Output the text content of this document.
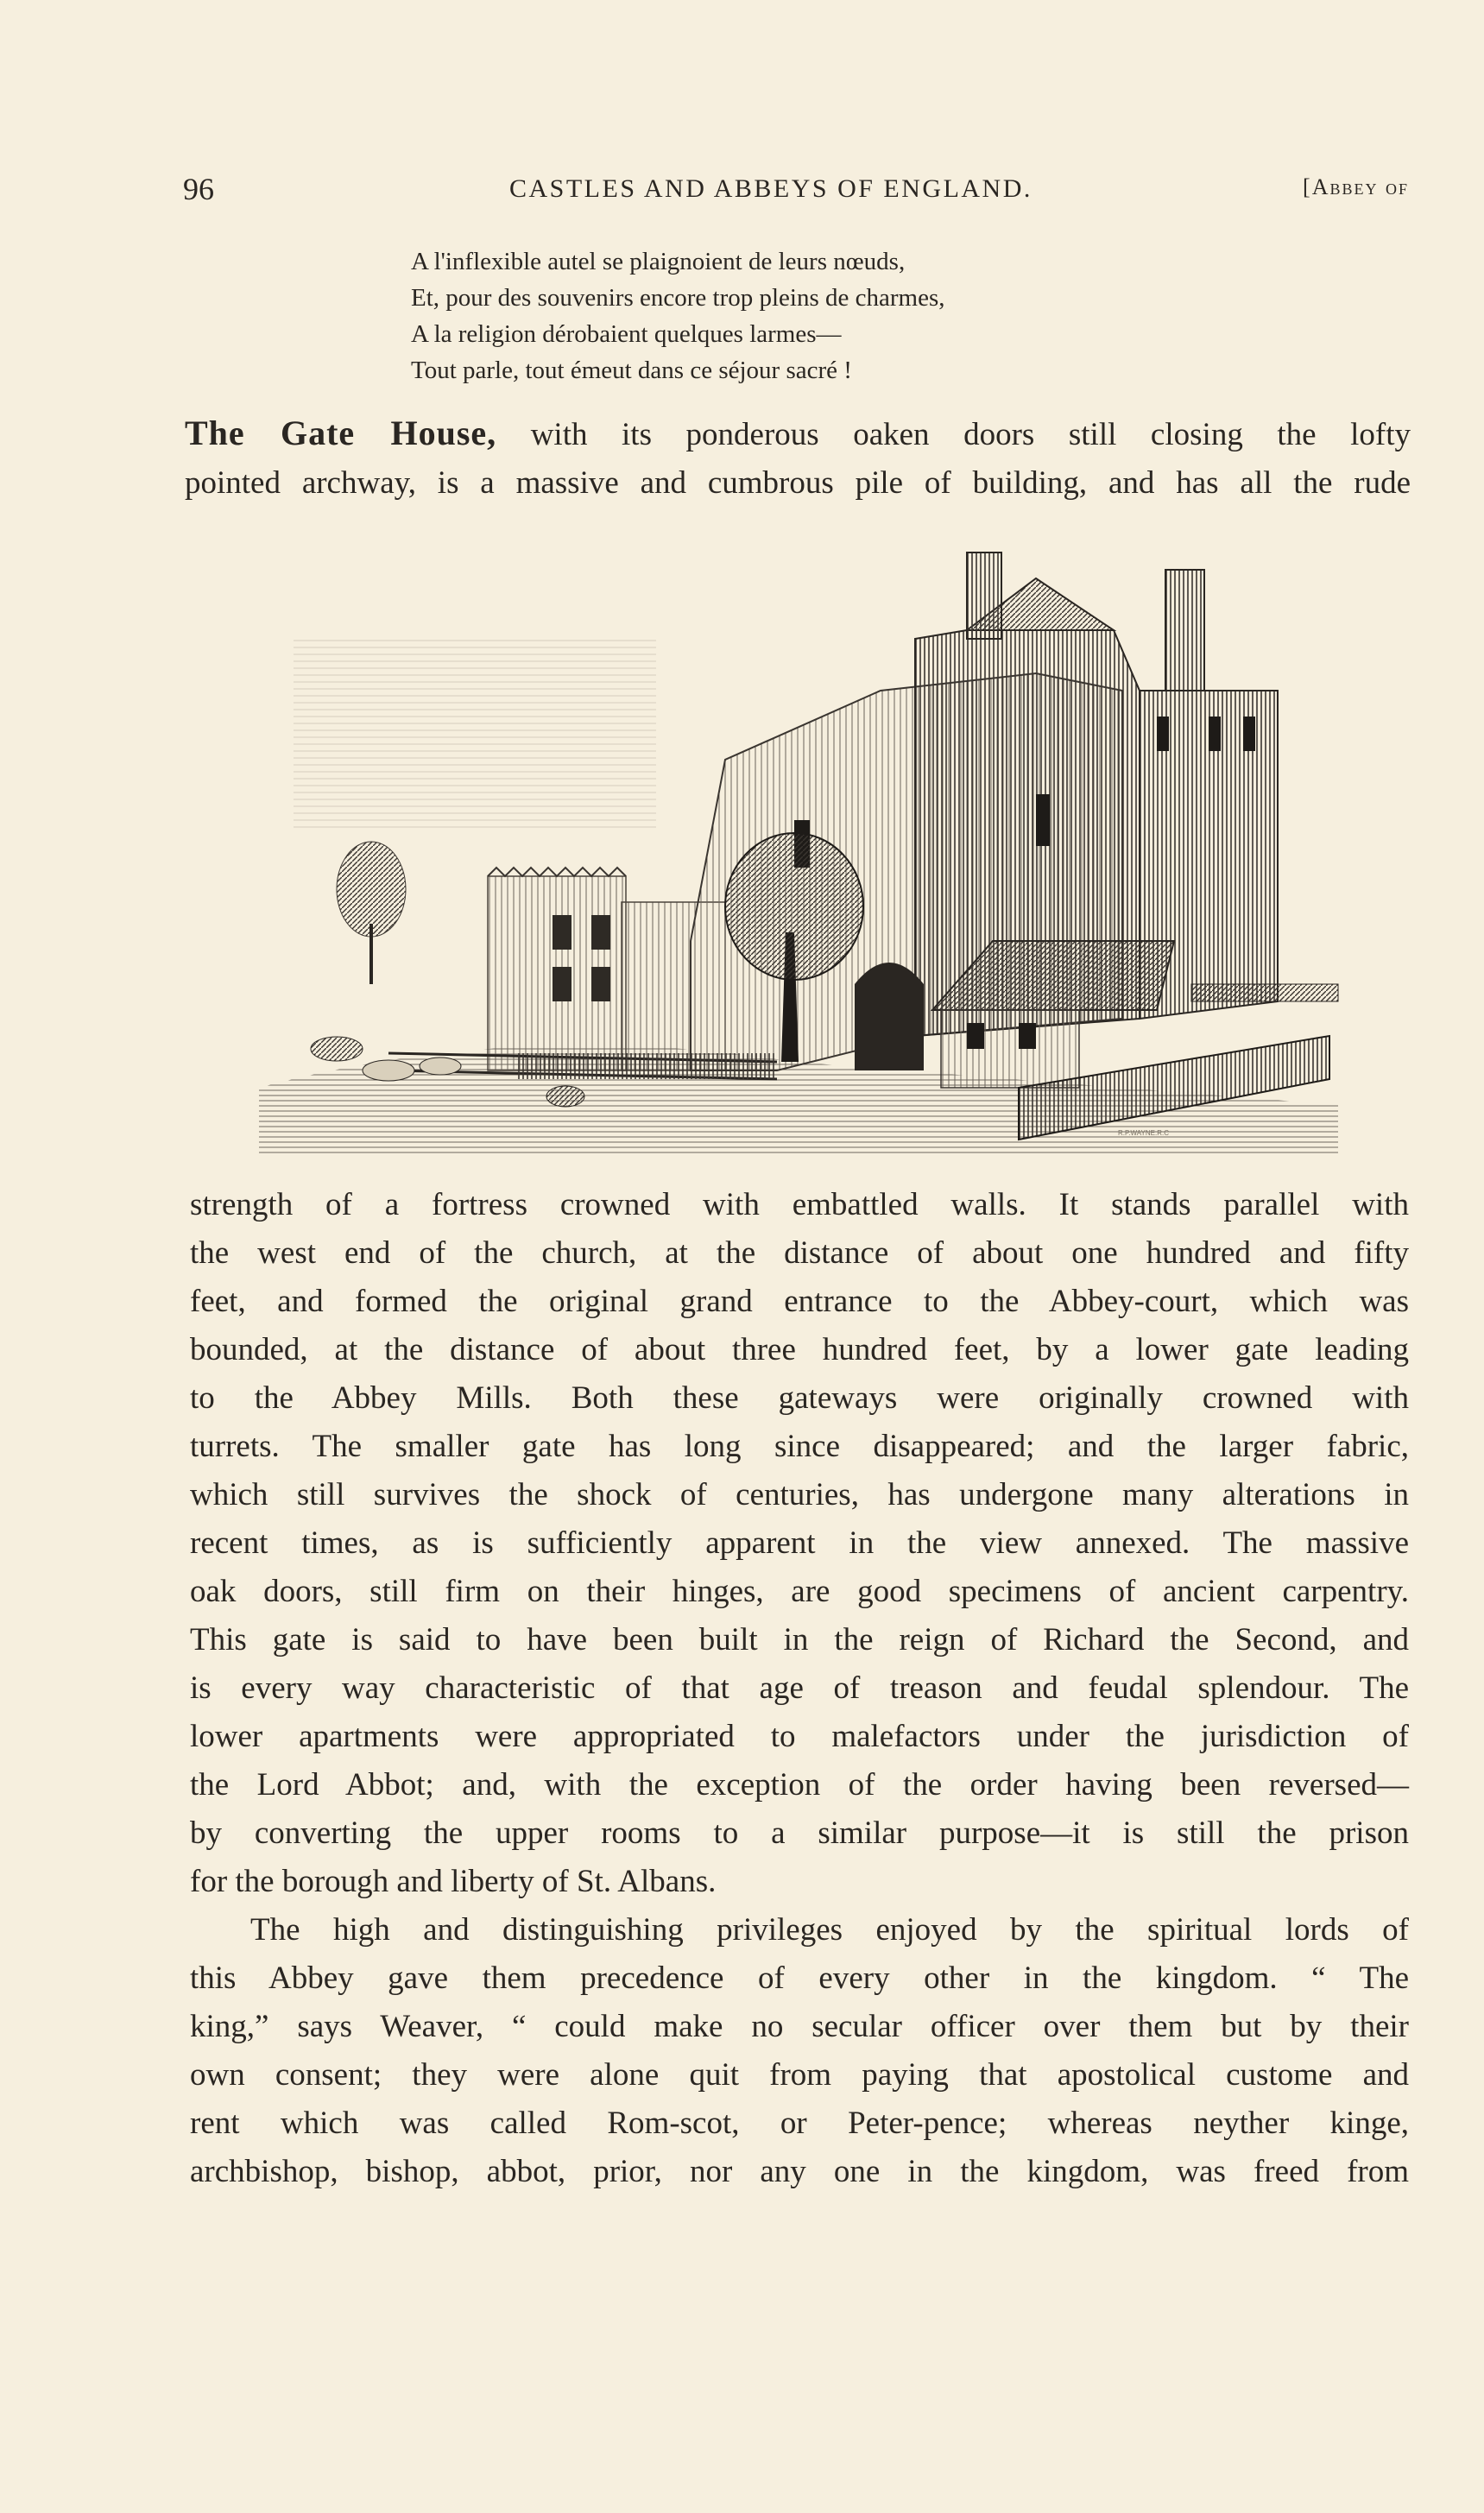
96	CASTLES AND ABBEYS OF ENGLAND.	[Abbey of
A l'inflexible autel se plaignoient de leurs nœuds,
Et, pour des souvenirs encore trop pleins de charmes,
A la religion dérobaient quelques larmes—
Tout parle, tout émeut dans ce séjour sacré !
The Gate House, with its ponderous oaken doors still closing the lofty
pointed archway, is a massive and cumbrous pile of building, and has all the rude
R.P.WAYNE.R.C
strength of a fortress crowned with embattled walls. It stands parallel with
the west end of the church, at the distance of about one hundred and fifty
feet, and formed the original grand entrance to the Abbey-court, which was
bounded, at the distance of about three hundred feet, by a lower gate leading
to the Abbey Mills. Both these gateways were originally crowned with
turrets. The smaller gate has long since disappeared; and the larger fabric,
which still survives the shock of centuries, has undergone many alterations in
recent times, as is sufficiently apparent in the view annexed. The massive
oak doors, still firm on their hinges, are good specimens of ancient carpentry.
This gate is said to have been built in the reign of Richard the Second, and
is every way characteristic of that age of treason and feudal splendour. The
lower apartments were appropriated to malefactors under the jurisdiction of
the Lord Abbot; and, with the exception of the order having been reversed—
by converting the upper rooms to a similar purpose—it is still the prison
for the borough and liberty of St. Albans.
The high and distinguishing privileges enjoyed by the spiritual lords of
this Abbey gave them precedence of every other in the kingdom. “ The
king,” says Weaver, “ could make no secular officer over them but by their
own consent; they were alone quit from paying that apostolical custome and
rent which was called Rom-scot, or Peter-pence; whereas neyther kinge,
archbishop, bishop, abbot, prior, nor any one in the kingdom, was freed from
